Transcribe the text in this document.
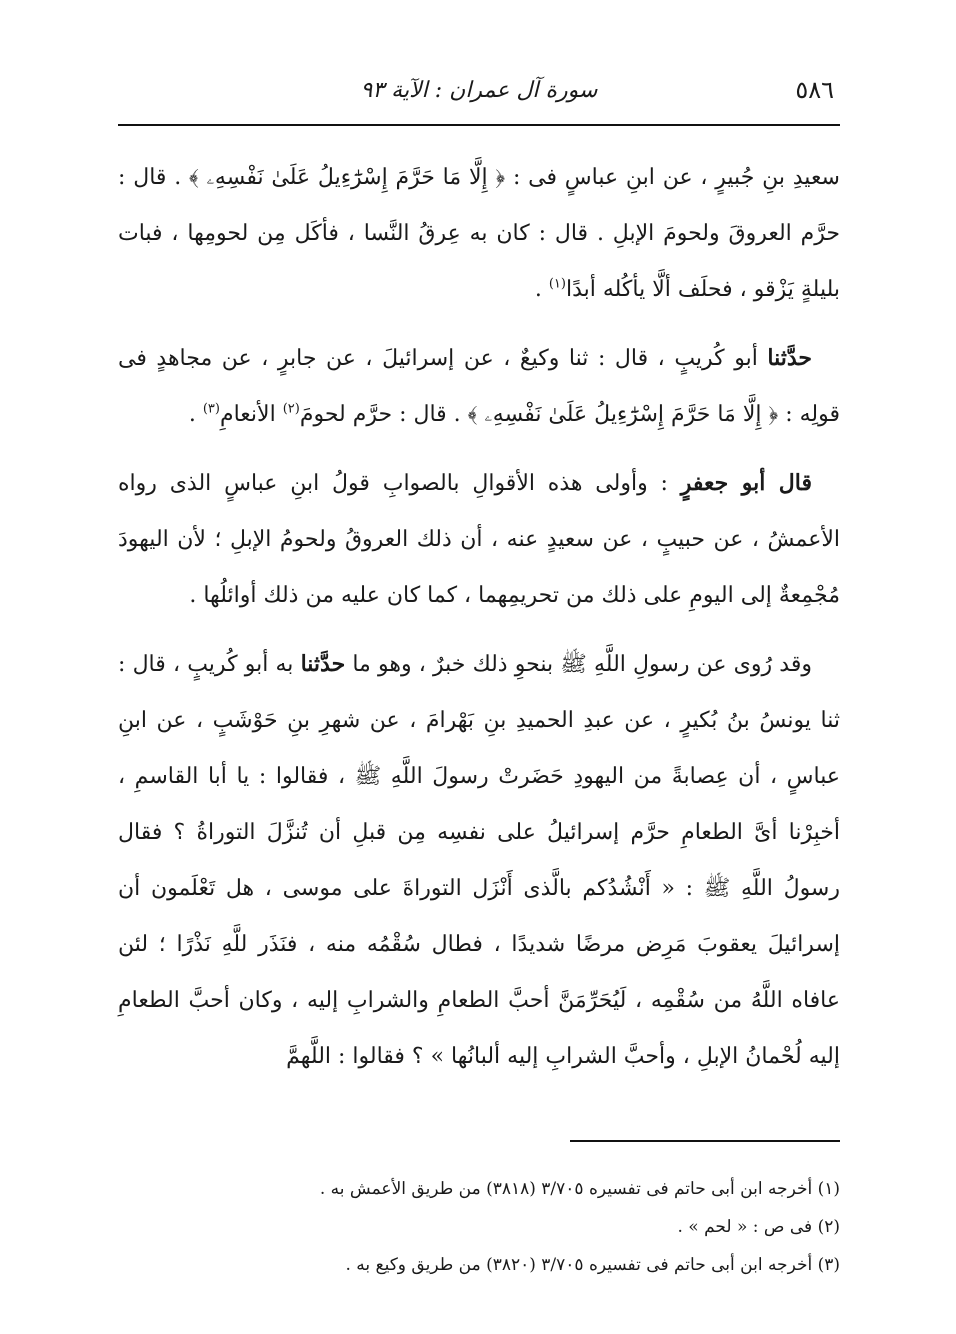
٥٨٦
سورة آل عمران : الآية ٩٣

سعيدِ بنِ جُبيرٍ ، عن ابنِ عباسٍ فى : ﴿ إِلَّا مَا حَرَّمَ إِسْرَٰٓءِيلُ عَلَىٰ نَفْسِهِۦ ﴾ . قال : حرَّم العروقَ ولحومَ الإبلِ . قال : كان به عِرقُ النَّسا ، فأكَل مِن لحومِها ، فبات بليلةٍ يَزْقو ، فحلَف ألَّا يأكُله أبدًا$^{(١)}$ .

حدَّثنا أبو كُريبٍ ، قال : ثنا وكيعٌ ، عن إسرائيلَ ، عن جابرٍ ، عن مجاهدٍ فى قولِه : ﴿ إِلَّا مَا حَرَّمَ إِسْرَٰٓءِيلُ عَلَىٰ نَفْسِهِۦ ﴾ . قال : حرَّم لحومَ$^{(٢)}$ الأنعامِ$^{(٣)}$ .

قال أبو جعفرٍ : وأولى هذه الأقوالِ بالصوابِ قولُ ابنِ عباسٍ الذى رواه الأعمشُ ، عن حبيبٍ ، عن سعيدٍ عنه ، أن ذلك العروقُ ولحومُ الإبلِ ؛ لأن اليهودَ مُجْمِعةٌ إلى اليومِ على ذلك من تحريمِهما ، كما كان عليه من ذلك أوائلُها .

وقد رُوى عن رسولِ اللَّهِ ﷺ بنحوِ ذلك خبرٌ ، وهو ما حدَّثنا به أبو كُريبٍ ، قال : ثنا يونسُ بنُ بُكيرٍ ، عن عبدِ الحميدِ بنِ بَهْرامَ ، عن شهرِ بنِ حَوْشَبٍ ، عن ابنِ عباسٍ ، أن عِصابةً من اليهودِ حَضَرتْ رسولَ اللَّهِ ﷺ ، فقالوا : يا أبا القاسمِ ، أخبِرْنا أىَّ الطعامِ حرَّم إسرائيلُ على نفسِه مِن قبلِ أن تُنزَّلَ التوراةُ ؟ فقال رسولُ اللَّهِ ﷺ : « أَنْشُدُكم بالَّذى أَنْزَل التوراةَ على موسى ، هل تَعْلَمون أن إسرائيلَ يعقوبَ مَرِض مرضًا شديدًا ، فطال سُقْمُه منه ، فنَذَر للَّهِ نَذْرًا ؛ لئن عافاه اللَّهُ من سُقْمِه ، لَيُحَرِّمَنَّ أحبَّ الطعامِ والشرابِ إليه ، وكان أحبَّ الطعامِ إليه لُحْمانُ الإبلِ ، وأحبَّ الشرابِ إليه ألبانُها » ؟ فقالوا : اللَّهمَّ

(١) أخرجه ابن أبى حاتم فى تفسيره ٣/٧٠٥ (٣٨١٨) من طريق الأعمش به .

(٢) فى ص : « لحم » .

(٣) أخرجه ابن أبى حاتم فى تفسيره ٣/٧٠٥ (٣٨٢٠) من طريق وكيع به .
